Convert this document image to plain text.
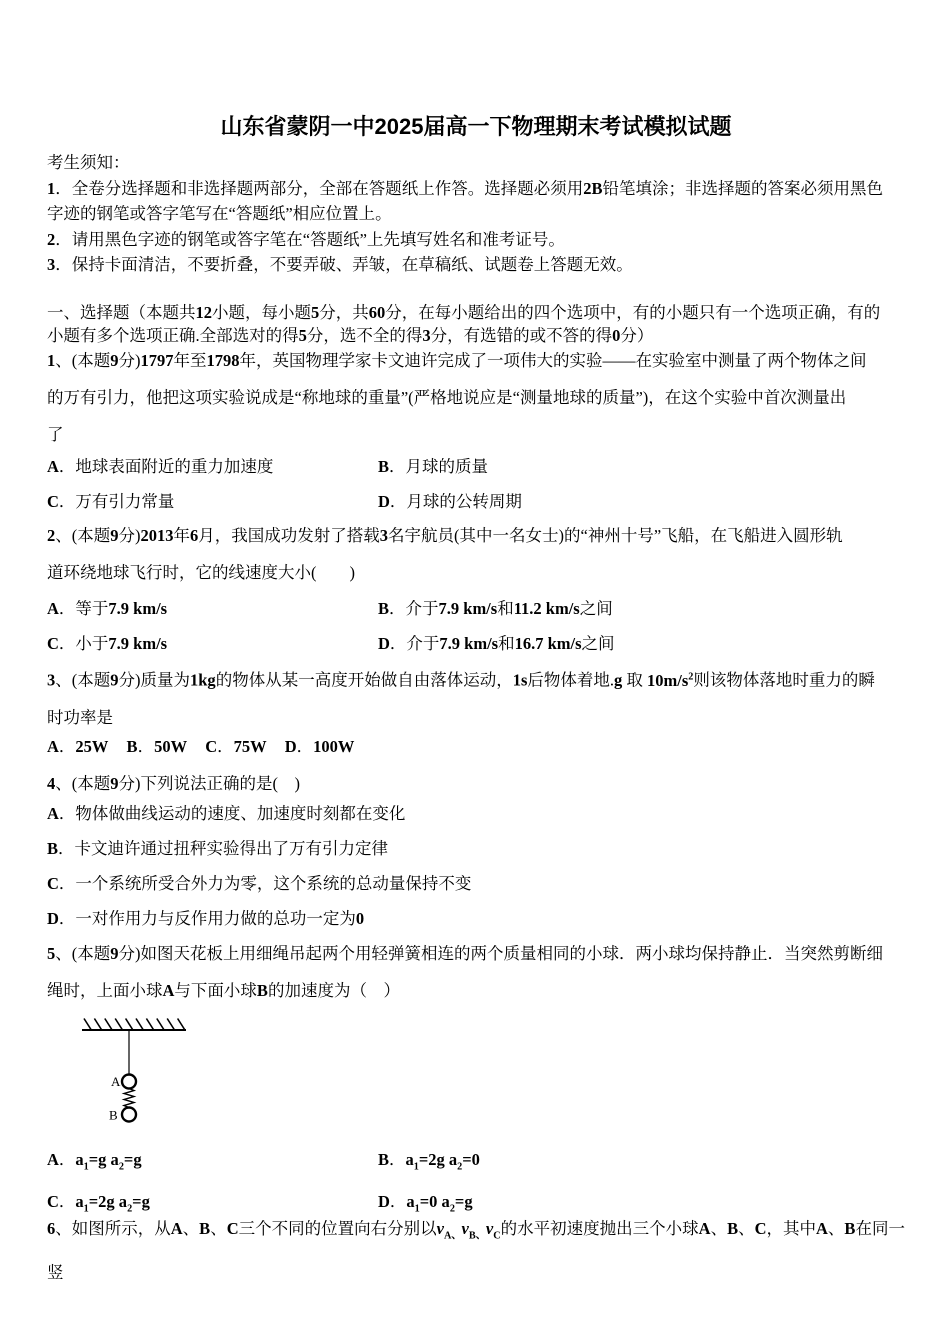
山东省蒙阴一中2025届高一下物理期末考试模拟试题

考生须知：

1．全卷分选择题和非选择题两部分，全部在答题纸上作答。选择题必须用2B铅笔填涂；非选择题的答案必须用黑色
字迹的钢笔或答字笔写在“答题纸”相应位置上。

2．请用黑色字迹的钢笔或答字笔在“答题纸”上先填写姓名和准考证号。

3．保持卡面清洁，不要折叠，不要弄破、弄皱，在草稿纸、试题卷上答题无效。

一、选择题（本题共12小题，每小题5分，共60分，在每小题给出的四个选项中，有的小题只有一个选项正确，有的
小题有多个选项正确.全部选对的得5分，选不全的得3分，有选错的或不答的得0分）
1、(本题9分)1797年至1798年，英国物理学家卡文迪许完成了一项伟大的实验——在实验室中测量了两个物体之间
的万有引力，他把这项实验说成是“称地球的重量”(严格地说应是“测量地球的质量”)，在这个实验中首次测量出
了
A．地球表面附近的重力加速度	B．月球的质量
C．万有引力常量	D．月球的公转周期
2、(本题9分)2013年6月，我国成功发射了搭载3名宇航员(其中一名女士)的“神州十号”飞船，在飞船进入圆形轨
道环绕地球飞行时，它的线速度大小(　　)
A．等于7.9 km/s	B．介于7.9 km/s和11.2 km/s之间
C．小于7.9 km/s	D．介于7.9 km/s和16.7 km/s之间
3、(本题9分)质量为1kg的物体从某一高度开始做自由落体运动，1s后物体着地.g 取 $10m/s^2$则该物体落地时重力的瞬
时功率是
A．25W B．50W C．75W D．100W
4、(本题9分)下列说法正确的是(　)
A．物体做曲线运动的速度、加速度时刻都在变化
B．卡文迪许通过扭秤实验得出了万有引力定律
C．一个系统所受合外力为零，这个系统的总动量保持不变
D．一对作用力与反作用力做的总功一定为0
5、(本题9分)如图天花板上用细绳吊起两个用轻弹簧相连的两个质量相同的小球．两小球均保持静止．当突然剪断细
绳时，上面小球A与下面小球B的加速度为（　）
A
B
A．$a_1=g$ $a_2=g$	B．$a_1=2g$ $a_2=0$
C．$a_1=2g$ $a_2=g$	D．$a_1=0$ $a_2=g$
6、如图所示，从A、B、C三个不同的位置向右分别以$v_{A、}v_{B、}v_C$的水平初速度抛出三个小球A、B、C，其中A、B在同一竖
